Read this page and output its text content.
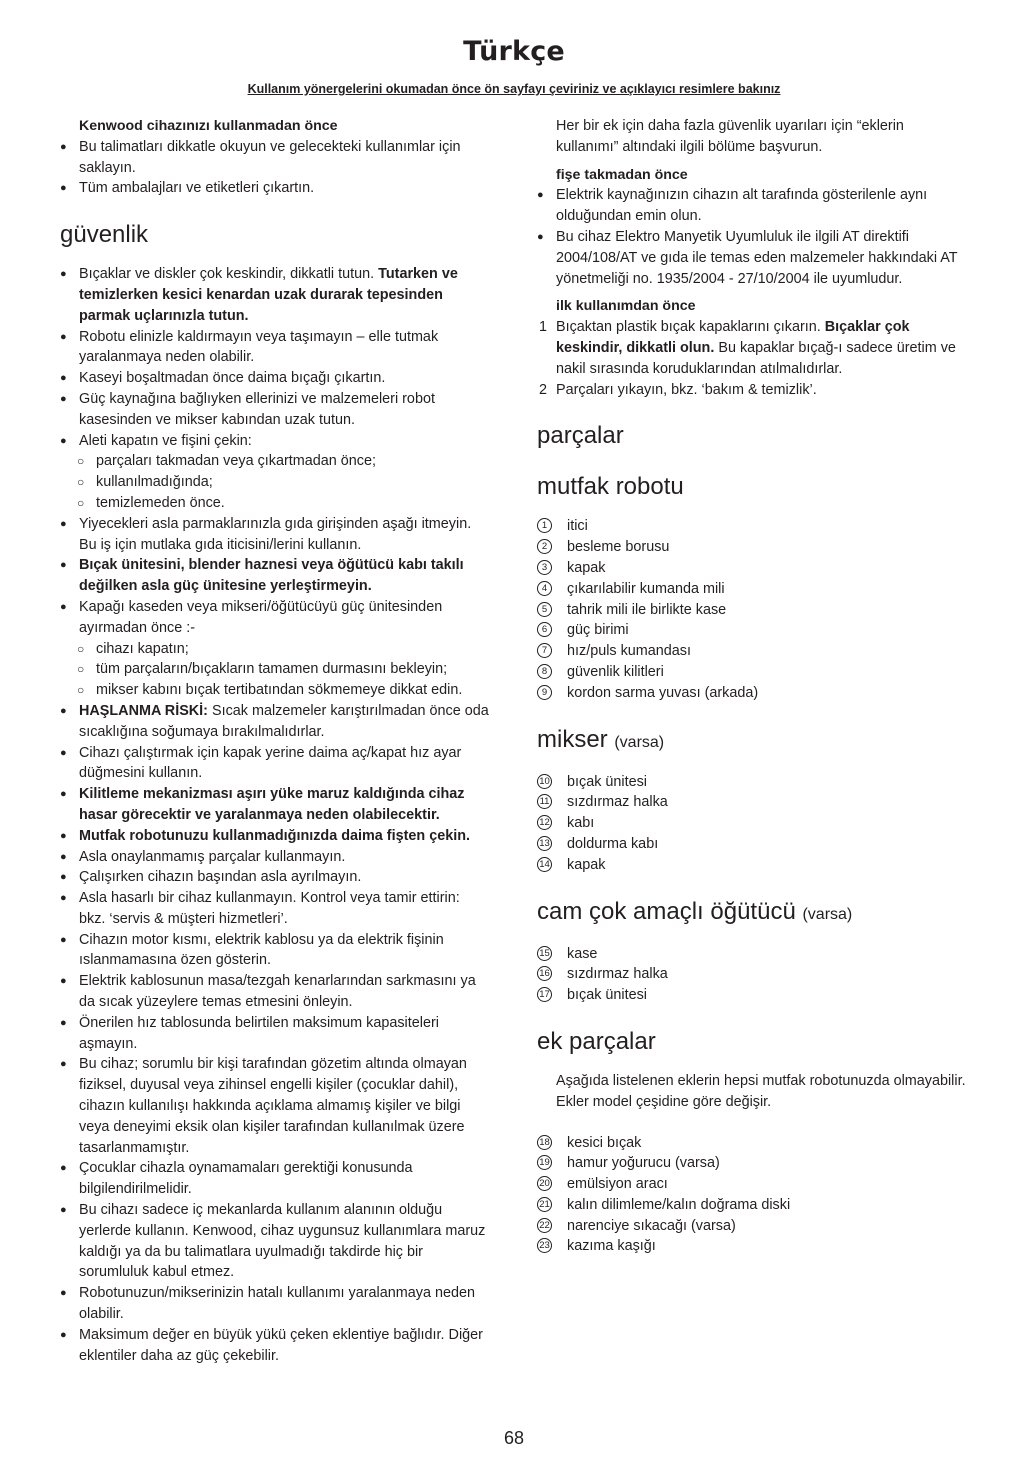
Türkçe
Kullanım yönergelerini okumadan önce ön sayfayı çeviriniz ve açıklayıcı resimlere bakınız
Kenwood cihazınızı kullanmadan önce
● Bu talimatları dikkatle okuyun ve gelecekteki kullanımlar için saklayın.
● Tüm ambalajları ve etiketleri çıkartın.
güvenlik
● Bıçaklar ve diskler çok keskindir, dikkatli tutun. Tutarken ve temizlerken kesici kenardan uzak durarak tepesinden parmak uçlarınızla tutun.
● Robotu elinizle kaldırmayın veya taşımayın – elle tutmak yaralanmaya neden olabilir.
● Kaseyi boşaltmadan önce daima bıçağı çıkartın.
● Güç kaynağına bağlıyken ellerinizi ve malzemeleri robot kasesinden ve mikser kabından uzak tutun.
● Aleti kapatın ve fişini çekin:
○ parçaları takmadan veya çıkartmadan önce;
○ kullanılmadığında;
○ temizlemeden önce.
● Yiyecekleri asla parmaklarınızla gıda girişinden aşağı itmeyin. Bu iş için mutlaka gıda iticisini/lerini kullanın.
● Bıçak ünitesini, blender haznesi veya öğütücü kabı takılı değilken asla güç ünitesine yerleştirmeyin.
● Kapağı kaseden veya mikseri/öğütücüyü güç ünitesinden ayırmadan önce :-
○ cihazı kapatın;
○ tüm parçaların/bıçakların tamamen durmasını bekleyin;
○ mikser kabını bıçak tertibatından sökmemeye dikkat edin.
● HAŞLANMA RİSKİ: Sıcak malzemeler karıştırılmadan önce oda sıcaklığına soğumaya bırakılmalıdırlar.
● Cihazı çalıştırmak için kapak yerine daima aç/kapat hız ayar düğmesini kullanın.
● Kilitleme mekanizması aşırı yüke maruz kaldığında cihaz hasar görecektir ve yaralanmaya neden olabilecektir.
● Mutfak robotunuzu kullanmadığınızda daima fişten çekin.
● Asla onaylanmamış parçalar kullanmayın.
● Çalışırken cihazın başından asla ayrılmayın.
● Asla hasarlı bir cihaz kullanmayın. Kontrol veya tamir ettirin: bkz. ‘servis & müşteri hizmetleri’.
● Cihazın motor kısmı, elektrik kablosu ya da elektrik fişinin ıslanmamasına özen gösterin.
● Elektrik kablosunun masa/tezgah kenarlarından sarkmasını ya da sıcak yüzeylere temas etmesini önleyin.
● Önerilen hız tablosunda belirtilen maksimum kapasiteleri aşmayın.
● Bu cihaz; sorumlu bir kişi tarafından gözetim altında olmayan fiziksel, duyusal veya zihinsel engelli kişiler (çocuklar dahil), cihazın kullanılışı hakkında açıklama almamış kişiler ve bilgi veya deneyimi eksik olan kişiler tarafından kullanılmak üzere tasarlanmamıştır.
● Çocuklar cihazla oynamamaları gerektiği konusunda bilgilendirilmelidir.
● Bu cihazı sadece iç mekanlarda kullanım alanının olduğu yerlerde kullanın. Kenwood, cihaz uygunsuz kullanımlara maruz kaldığı ya da bu talimatlara uyulmadığı takdirde hiç bir sorumluluk kabul etmez.
● Robotunuzun/mikserinizin hatalı kullanımı yaralanmaya neden olabilir.
● Maksimum değer en büyük yükü çeken eklentiye bağlıdır. Diğer eklentiler daha az güç çekebilir.
Her bir ek için daha fazla güvenlik uyarıları için “eklerin kullanımı” altındaki ilgili bölüme başvurun.
fişe takmadan önce
● Elektrik kaynağınızın cihazın alt tarafında gösterilenle aynı olduğundan emin olun.
● Bu cihaz Elektro Manyetik Uyumluluk ile ilgili AT direktifi 2004/108/AT ve gıda ile temas eden malzemeler hakkındaki AT yönetmeliği no. 1935/2004 - 27/10/2004 ile uyumludur.
ilk kullanımdan önce
1 Bıçaktan plastik bıçak kapaklarını çıkarın. Bıçaklar çok keskindir, dikkatli olun. Bu kapaklar bıçağ-ı sadece üretim ve nakil sırasında koruduklarından atılmalıdırlar.
2 Parçaları yıkayın, bkz. ‘bakım & temizlik’.
parçalar
mutfak robotu
1	itici
2	besleme borusu
3	kapak
4	çıkarılabilir kumanda mili
5	tahrik mili ile birlikte kase
6	güç birimi
7	hız/puls kumandası
8	güvenlik kilitleri
9	kordon sarma yuvası (arkada)
mikser (varsa)
10 bıçak ünitesi
11 sızdırmaz halka
12 kabı
13 doldurma kabı
14 kapak
cam çok amaçlı öğütücü (varsa)
15 kase
16 sızdırmaz halka
17 bıçak ünitesi
ek parçalar
Aşağıda listelenen eklerin hepsi mutfak robotunuzda olmayabilir. Ekler model çeşidine göre değişir.
18 kesici bıçak
19 hamur yoğurucu (varsa)
20 emülsiyon aracı
21 kalın dilimleme/kalın doğrama diski
22 narenciye sıkacağı (varsa)
23 kazıma kaşığı
68
